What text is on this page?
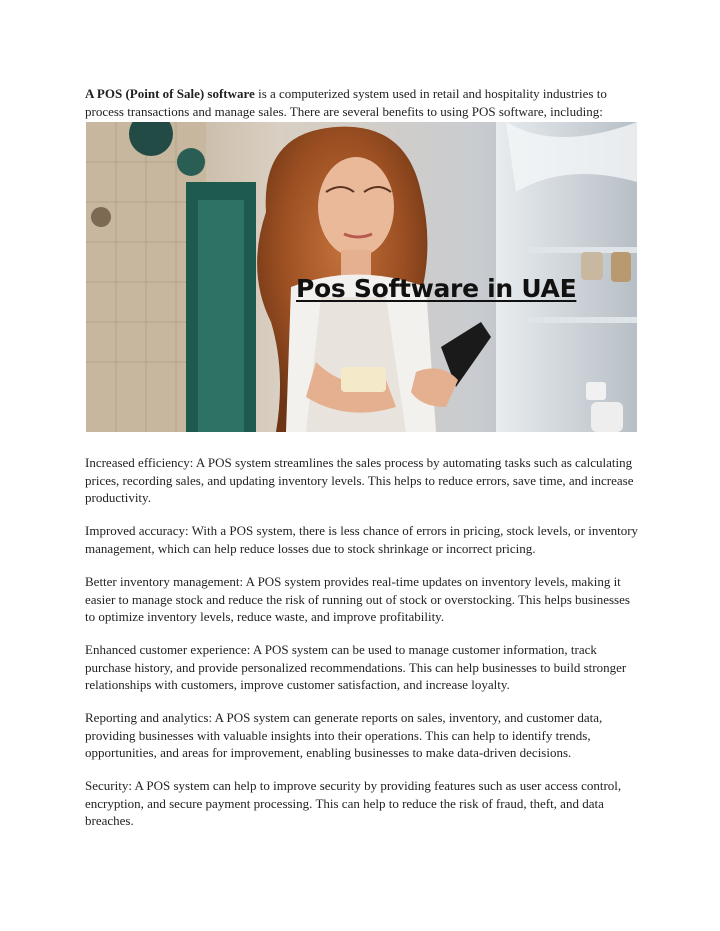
A POS (Point of Sale) software is a computerized system used in retail and hospitality industries to process transactions and manage sales. There are several benefits to using POS software, including:

Pos Software in UAE

Increased efficiency: A POS system streamlines the sales process by automating tasks such as calculating prices, recording sales, and updating inventory levels. This helps to reduce errors, save time, and increase productivity.

Improved accuracy: With a POS system, there is less chance of errors in pricing, stock levels, or inventory management, which can help reduce losses due to stock shrinkage or incorrect pricing.

Better inventory management: A POS system provides real-time updates on inventory levels, making it easier to manage stock and reduce the risk of running out of stock or overstocking. This helps businesses to optimize inventory levels, reduce waste, and improve profitability.

Enhanced customer experience: A POS system can be used to manage customer information, track purchase history, and provide personalized recommendations. This can help businesses to build stronger relationships with customers, improve customer satisfaction, and increase loyalty.

Reporting and analytics: A POS system can generate reports on sales, inventory, and customer data, providing businesses with valuable insights into their operations. This can help to identify trends, opportunities, and areas for improvement, enabling businesses to make data-driven decisions.

Security: A POS system can help to improve security by providing features such as user access control, encryption, and secure payment processing. This can help to reduce the risk of fraud, theft, and data breaches.
